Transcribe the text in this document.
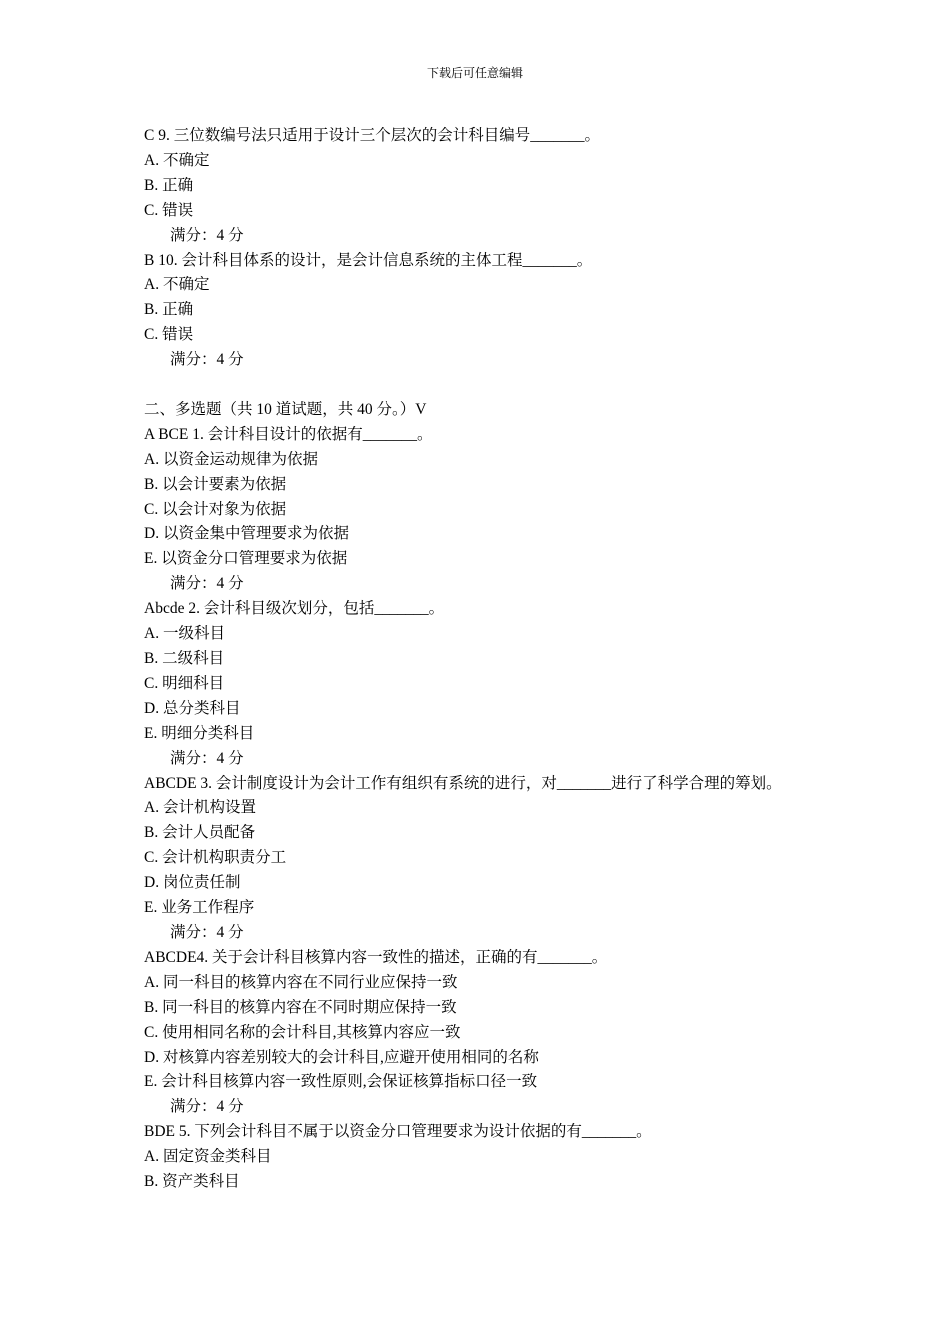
下载后可任意编辑
C 9. 三位数编号法只适用于设计三个层次的会计科目编号_______。
A. 不确定
B. 正确
C. 错误
满分：4 分
B 10. 会计科目体系的设计，是会计信息系统的主体工程_______。
A. 不确定
B. 正确
C. 错误
满分：4 分
二、多选题（共 10 道试题，共 40 分。）V
A BCE 1. 会计科目设计的依据有_______。
A. 以资金运动规律为依据
B. 以会计要素为依据
C. 以会计对象为依据
D. 以资金集中管理要求为依据
E. 以资金分口管理要求为依据
满分：4 分
Abcde 2. 会计科目级次划分，包括_______。
A. 一级科目
B. 二级科目
C. 明细科目
D. 总分类科目
E. 明细分类科目
满分：4 分
ABCDE 3. 会计制度设计为会计工作有组织有系统的进行，对_______进行了科学合理的筹划。
A. 会计机构设置
B. 会计人员配备
C. 会计机构职责分工
D. 岗位责任制
E. 业务工作程序
满分：4 分
ABCDE4. 关于会计科目核算内容一致性的描述，正确的有_______。
A. 同一科目的核算内容在不同行业应保持一致
B. 同一科目的核算内容在不同时期应保持一致
C. 使用相同名称的会计科目,其核算内容应一致
D. 对核算内容差别较大的会计科目,应避开使用相同的名称
E. 会计科目核算内容一致性原则,会保证核算指标口径一致
满分：4 分
BDE 5. 下列会计科目不属于以资金分口管理要求为设计依据的有_______。
A. 固定资金类科目
B. 资产类科目
